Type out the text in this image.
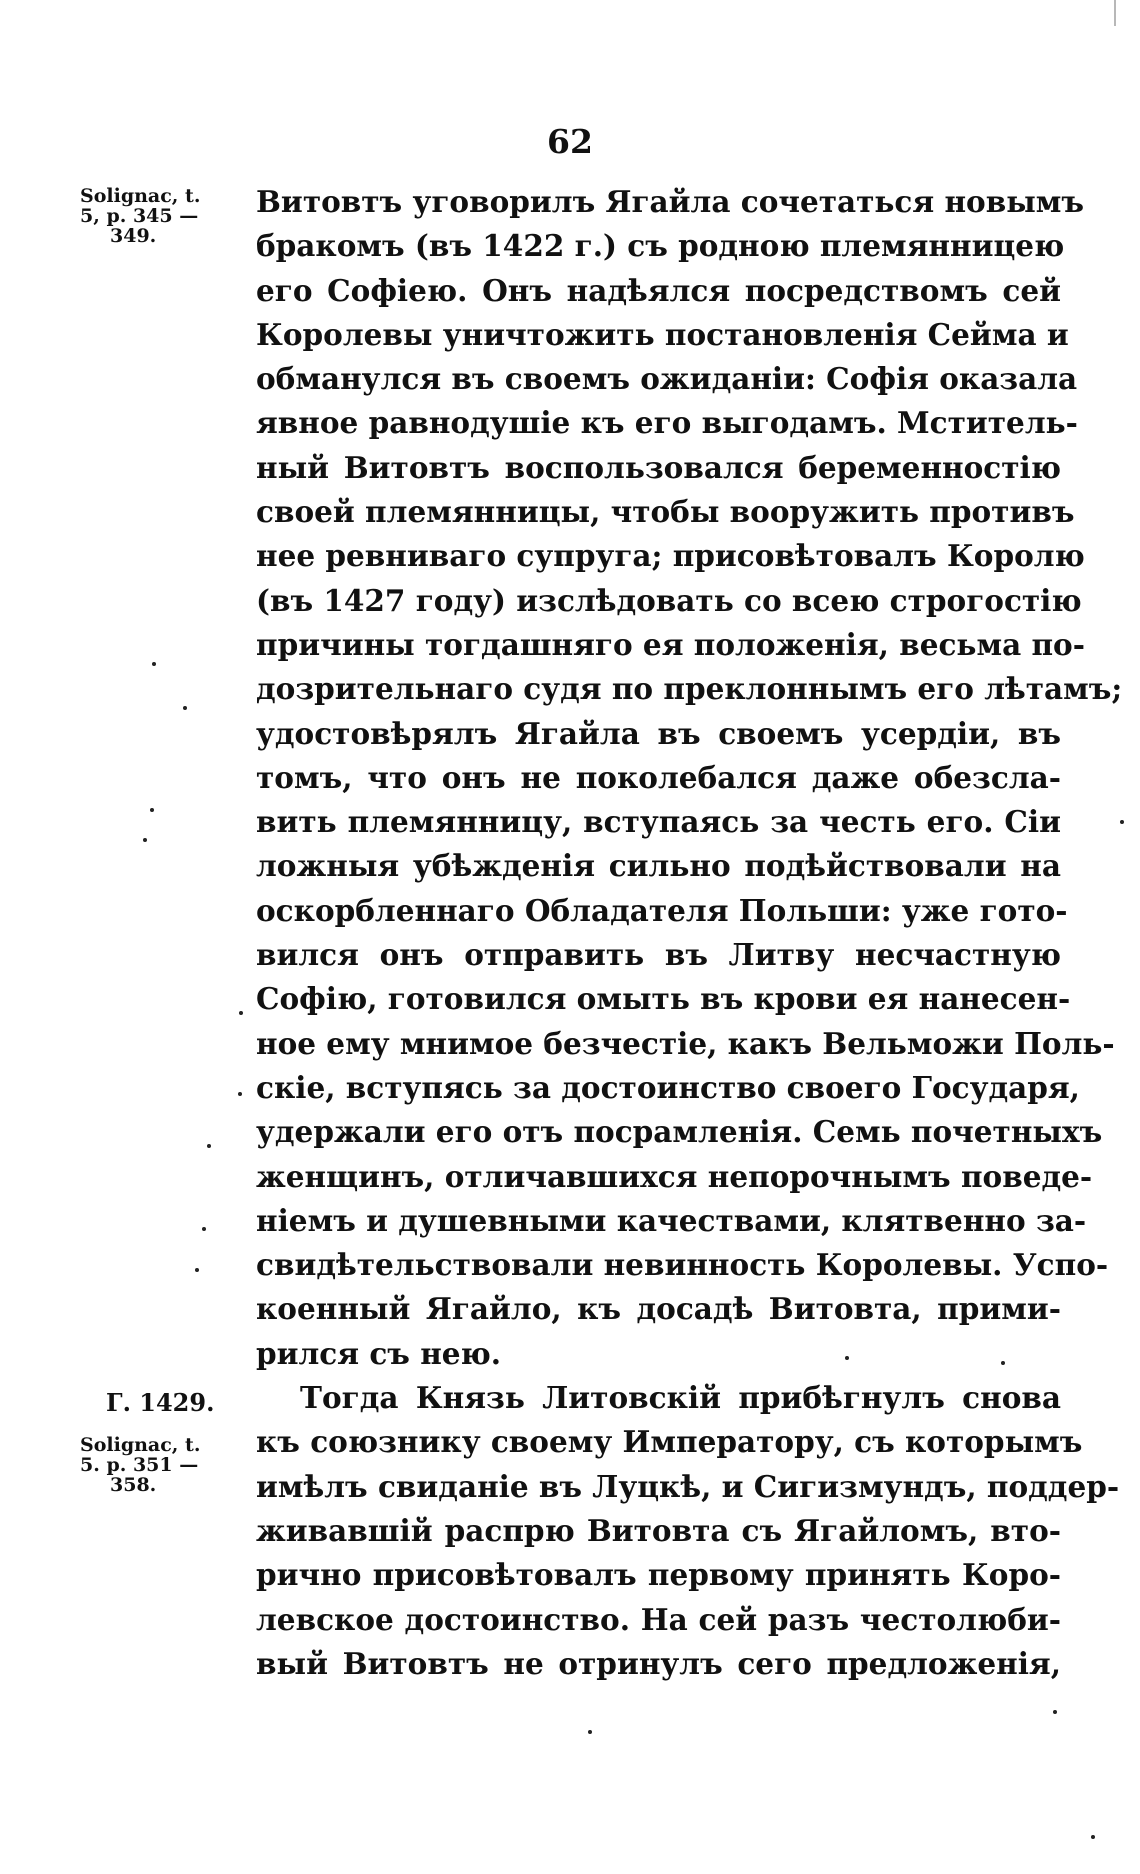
62
Solignac, t.
5, p. 345 —
349.
Г. 1429.
Solignac, t.
5. p. 351 —
358.
Витовтъ уговорилъ Ягайла сочетаться новымъ
бракомъ (въ 1422 г.) съ родною племянницею
его Софіею. Онъ надѣялся посредствомъ сей
Королевы уничтожить постановленія Сейма и
обманулся въ своемъ ожиданіи: Софія оказала
явное равнодушіе къ его выгодамъ. Мститель-
ный Витовтъ воспользовался беременностію
своей племянницы, чтобы вооружить противъ
нее ревниваго супруга; присовѣтовалъ Королю
(въ 1427 году) изслѣдовать со всею строгостію
причины тогдашняго ея положенія, весьма по-
дозрительнаго судя по преклоннымъ его лѣтамъ;
удостовѣрялъ Ягайла въ своемъ усердіи, въ
томъ, что онъ не поколебался даже обезсла-
вить племянницу, вступаясь за честь его. Сіи
ложныя убѣжденія сильно подѣйствовали на
оскорбленнаго Обладателя Польши: уже гото-
вился онъ отправить въ Литву несчастную
Софію, готовился омыть въ крови ея нанесен-
ное ему мнимое безчестіе, какъ Вельможи Поль-
скіе, вступясь за достоинство своего Государя,
удержали его отъ посрамленія. Семь почетныхъ
женщинъ, отличавшихся непорочнымъ поведе-
ніемъ и душевными качествами, клятвенно за-
свидѣтельствовали невинность Королевы. Успо-
коенный Ягайло, къ досадѣ Витовта, прими-
рился съ нею.
Тогда Князь Литовскій прибѣгнулъ снова
къ союзнику своему Императору, съ которымъ
имѣлъ свиданіе въ Луцкѣ, и Сигизмундъ, поддер-
живавшій распрю Витовта съ Ягайломъ, вто-
рично присовѣтовалъ первому принять Коро-
левское достоинство. На сей разъ честолюби-
вый Витовтъ не отринулъ сего предложенія,
